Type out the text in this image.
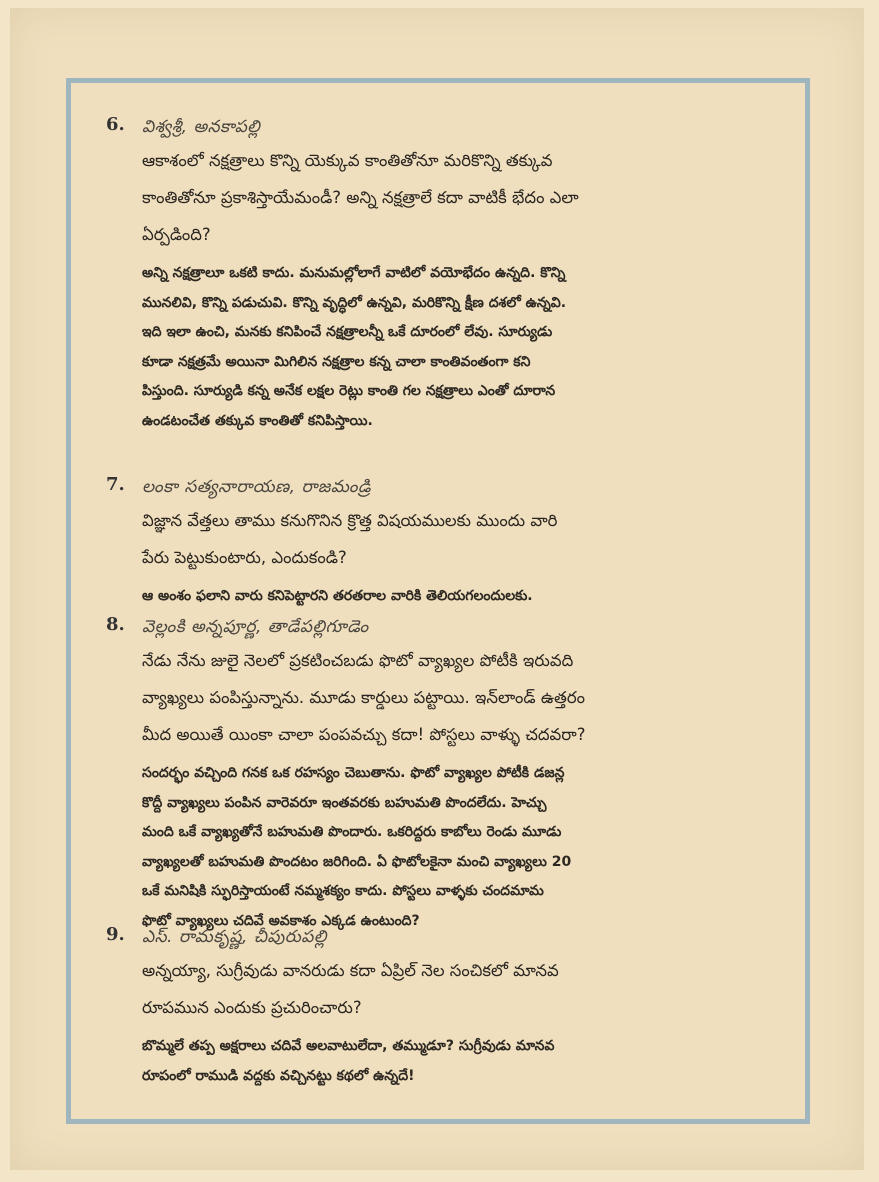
6. విశ్వశ్రీ, అనకాపల్లి
ఆకాశంలో నక్షత్రాలు కొన్ని యెక్కువ కాంతితోనూ మరికొన్ని తక్కువ
కాంతితోనూ ప్రకాశిస్తాయేమండీ? అన్ని నక్షత్రాలే కదా వాటికీ భేదం ఎలా
ఏర్పడింది?
అన్ని నక్షత్రాలూ ఒకటి కాదు. మనుమల్లోలాగే వాటిలో వయోభేదం ఉన్నది. కొన్ని
మునలివి, కొన్ని పడుచువి. కొన్ని వృద్ధిలో ఉన్నవి, మరికొన్ని క్షీణ దశలో ఉన్నవి.
ఇది ఇలా ఉంచి, మనకు కనిపించే నక్షత్రాలన్నీ ఒకే దూరంలో లేవు. సూర్యుడు
కూడా నక్షత్రమే అయినా మిగిలిన నక్షత్రాల కన్న చాలా కాంతివంతంగా కని
పిస్తుంది. సూర్యుడి కన్న అనేక లక్షల రెట్లు కాంతి గల నక్షత్రాలు ఎంతో దూరాన
ఉండటంచేత తక్కువ కాంతితో కనిపిస్తాయి.
7. లంకా సత్యనారాయణ, రాజమండ్రి
విజ్ఞాన వేత్తలు తాము కనుగొనిన క్రొత్త విషయములకు ముందు వారి
పేరు పెట్టుకుంటారు, ఎందుకండి?
ఆ అంశం ఫలాని వారు కనిపెట్టారని తరతరాల వారికి తెలియగలందులకు.
8. వెల్లంకి అన్నపూర్ణ, తాడేపల్లిగూడెం
నేడు నేను జులై నెలలో ప్రకటించబడు ఫొటో వ్యాఖ్యల పోటీకి ఇరువది
వ్యాఖ్యలు పంపిస్తున్నాను. మూడు కార్డులు పట్టాయి. ఇన్‌లాండ్ ఉత్తరం
మీద అయితే యింకా చాలా పంపవచ్చు కదా! పోస్టలు వాళ్ళు చదవరా?
సందర్భం వచ్చింది గనక ఒక రహస్యం చెబుతాను. ఫొటో వ్యాఖ్యల పోటీకి డజన్ల
కొద్దీ వ్యాఖ్యలు పంపిన వారెవరూ ఇంతవరకు బహుమతి పొందలేదు. హెచ్చు
మంది ఒకే వ్యాఖ్యతోనే బహుమతి పొందారు. ఒకరిద్దరు కాబోలు రెండు మూడు
వ్యాఖ్యలతో బహుమతి పొందటం జరిగింది. ఏ ఫొటోలకైనా మంచి వ్యాఖ్యలు 20
ఒకే మనిషికి స్ఫురిస్తాయంటే నమ్మశక్యం కాదు. పోస్టలు వాళ్ళకు చందమామ
ఫొటో వ్యాఖ్యలు చదివే అవకాశం ఎక్కడ ఉంటుంది?
9. ఎస్. రామకృష్ణ, చీపురుపల్లి
అన్నయ్యా, సుగ్రీవుడు వానరుడు కదా ఏప్రిల్ నెల సంచికలో మానవ
రూపమున ఎందుకు ప్రచురించారు?
బొమ్మలే తప్ప అక్షరాలు చదివే అలవాటులేదా, తమ్ముడూ? సుగ్రీవుడు మానవ
రూపంలో రాముడి వద్దకు వచ్చినట్టు కథలో ఉన్నదే!
